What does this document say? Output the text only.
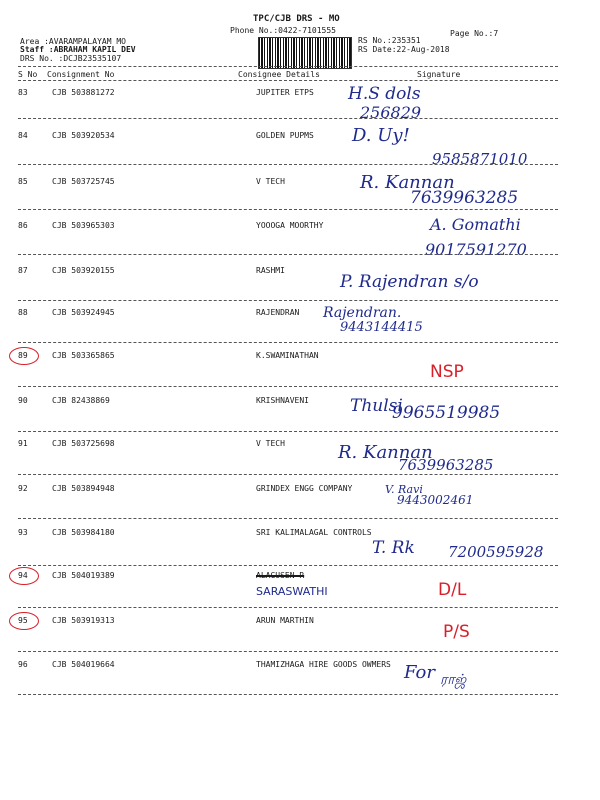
TPC/CJB DRS - MO
Phone No.:0422-7101555
Area :AVARAMPALAYAM MO
Staff :ABRAHAM KAPIL DEV
DRS No. :DCJB23535107
RS No.:235351
RS Date:22-Aug-2018
Page No.:7
S No Consignment No	Consignee Details	Signature
83	CJB 503881272	JUPITER ETPS H.S dols
256829
84	CJB 503920534	GOLDEN PUPMS D. Uy!
9585871010
85	CJB 503725745	V TECH	R. Kannan
7639963285
86	CJB 503965303	YOOOGA MOORTHY	A. Gomathi
9017591270
87	CJB 503920155	RASHMI
P. Rajendran s/o
88	CJB 503924945	RAJENDRAN Rajendran.
9443144415
89	CJB 503365865	K.SWAMINATHAN
NSP
90	CJB 82438869	KRISHNAVENI Thulsi
9965519985
91	CJB 503725698	V TECH	R. Kannan
7639963285
92	CJB 503894948	GRINDEX ENGG COMPANY	V. Ravi
9443002461
93	CJB 503984180	SRI KALIMALAGAL CONTROLS
T. Rk 7200595928
94	CJB 504019389	ALAGUSEN R
SARASWATHI	D/L
95	CJB 503919313	ARUN MARTHIN
P/S
96	CJB 504019664	THAMIZHAGA HIRE GOODS OWMERS For ராஜ்
